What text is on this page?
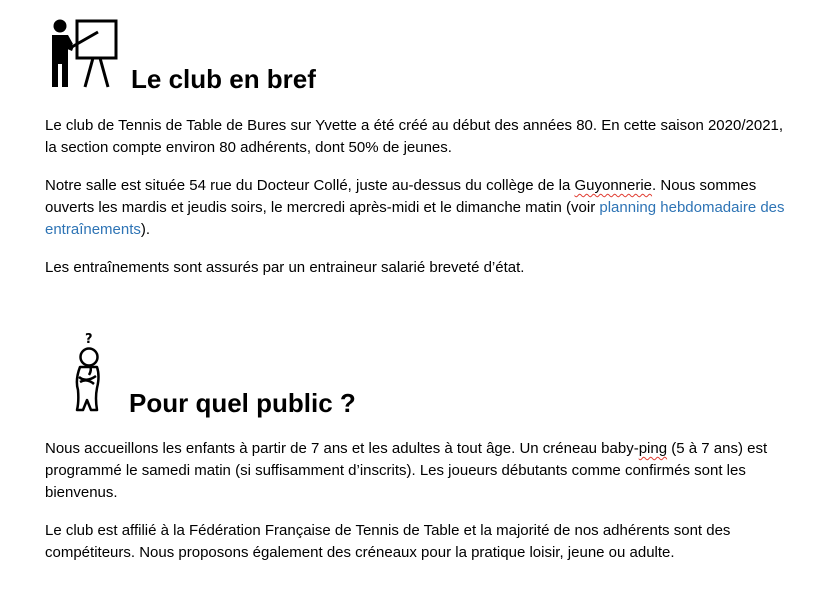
Le club en bref

Le club de Tennis de Table de Bures sur Yvette a été créé au début des années 80. En cette saison 2020/2021, la section compte environ 80 adhérents, dont 50% de jeunes.

Notre salle est située 54 rue du Docteur Collé, juste au-dessus du collège de la Guyonnerie. Nous sommes ouverts les mardis et jeudis soirs, le mercredi après-midi et le dimanche matin (voir planning hebdomadaire des entraînements).

Les entraînements sont assurés par un entraineur salarié breveté d’état.

?
Pour quel public ?

Nous accueillons les enfants à partir de 7 ans et les adultes à tout âge. Un créneau baby-ping (5 à 7 ans) est programmé le samedi matin (si suffisamment d’inscrits). Les joueurs débutants comme confirmés sont les bienvenus.

Le club est affilié à la Fédération Française de Tennis de Table et la majorité de nos adhérents sont des compétiteurs. Nous proposons également des créneaux pour la pratique loisir, jeune ou adulte.
